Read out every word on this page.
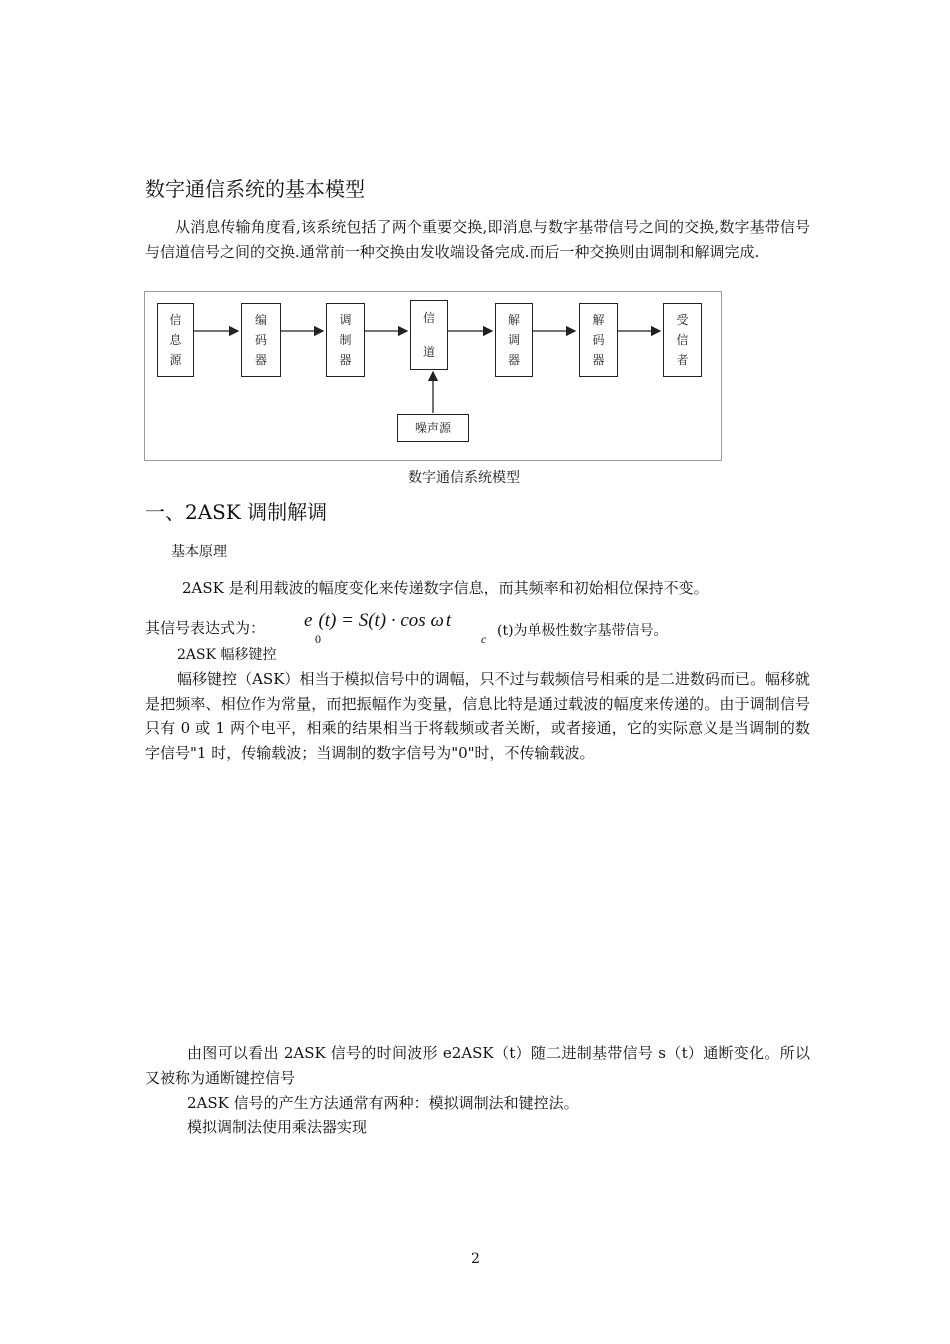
数字通信系统的基本模型
从消息传输角度看,该系统包括了两个重要交换,即消息与数字基带信号之间的交换,数字基带信号与信道信号之间的交换.通常前一种交换由发收端设备完成.而后一种交换则由调制和解调完成.
信
息
源
编
码
器
调
制
器
信
道
解
调
器
解
码
器
受
信
者
噪声源
数字通信系统模型
一、2ASK 调制解调
基本原理
2ASK 是利用载波的幅度变化来传递数字信息，而其频率和初始相位保持不变。
其信号表达式为： e (t) = S(t) · cos ω t
0	c (t)为单极性数字基带信号。
2ASK 幅移键控
幅移键控（ASK）相当于模拟信号中的调幅，只不过与载频信号相乘的是二进数码而已。幅移就是把频率、相位作为常量，而把振幅作为变量，信息比特是通过载波的幅度来传递的。由于调制信号只有 0 或 1 两个电平，相乘的结果相当于将载频或者关断，或者接通，它的实际意义是当调制的数字信号"1 时，传输载波；当调制的数字信号为"0"时，不传输载波。
由图可以看出 2ASK 信号的时间波形 e2ASK（t）随二进制基带信号 s（t）通断变化。所以又被称为通断键控信号
2ASK 信号的产生方法通常有两种：模拟调制法和键控法。
模拟调制法使用乘法器实现
2
